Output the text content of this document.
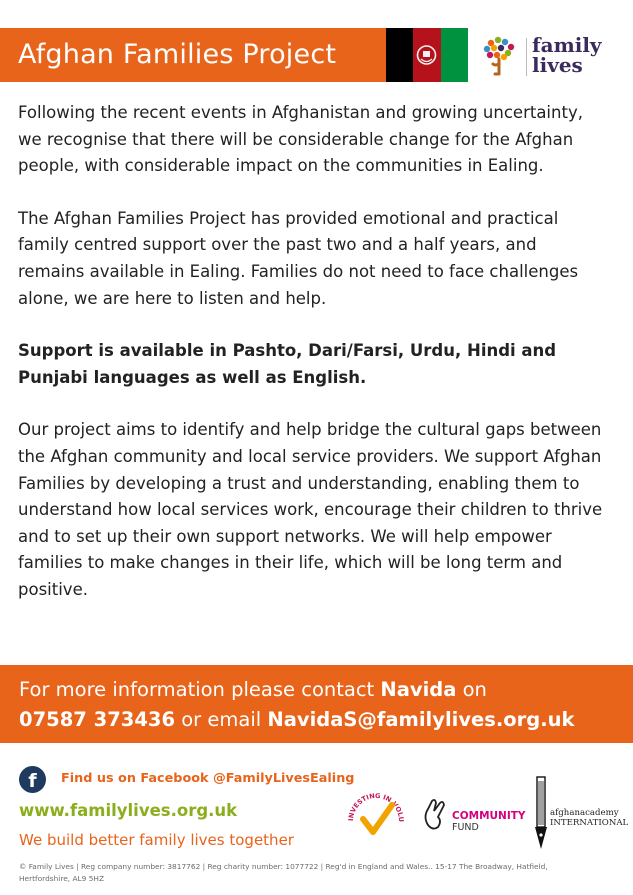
Afghan Families Project	family
lives

Following the recent events in Afghanistan and growing uncertainty, we recognise that there will be considerable change for the Afghan people, with considerable impact on the communities in Ealing.

The Afghan Families Project has provided emotional and practical family centred support over the past two and a half years, and remains available in Ealing. Families do not need to face challenges alone, we are here to listen and help.

Support is available in Pashto, Dari/Farsi, Urdu, Hindi and Punjabi languages as well as English.

Our project aims to identify and help bridge the cultural gaps between the Afghan community and local service providers. We support Afghan Families by developing a trust and understanding, enabling them to understand how local services work, encourage their children to thrive and to set up their own support networks. We will help empower families to make changes in their life, which will be long term and positive.

For more information please contact Navida on
07587 373436 or email NavidaS@familylives.org.uk
f	Find us on Facebook @FamilyLivesEaling
www.familylives.org.uk
We build better family lives together
INVESTING IN VOLU	COMMUNITY
FUND
afghanacademy
INTERNATIONAL
© Family Lives | Reg company number: 3817762 | Reg charity number: 1077722 | Reg'd in England and Wales.. 15-17 The Broadway, Hatfield,
Hertfordshire, AL9 5HZ
